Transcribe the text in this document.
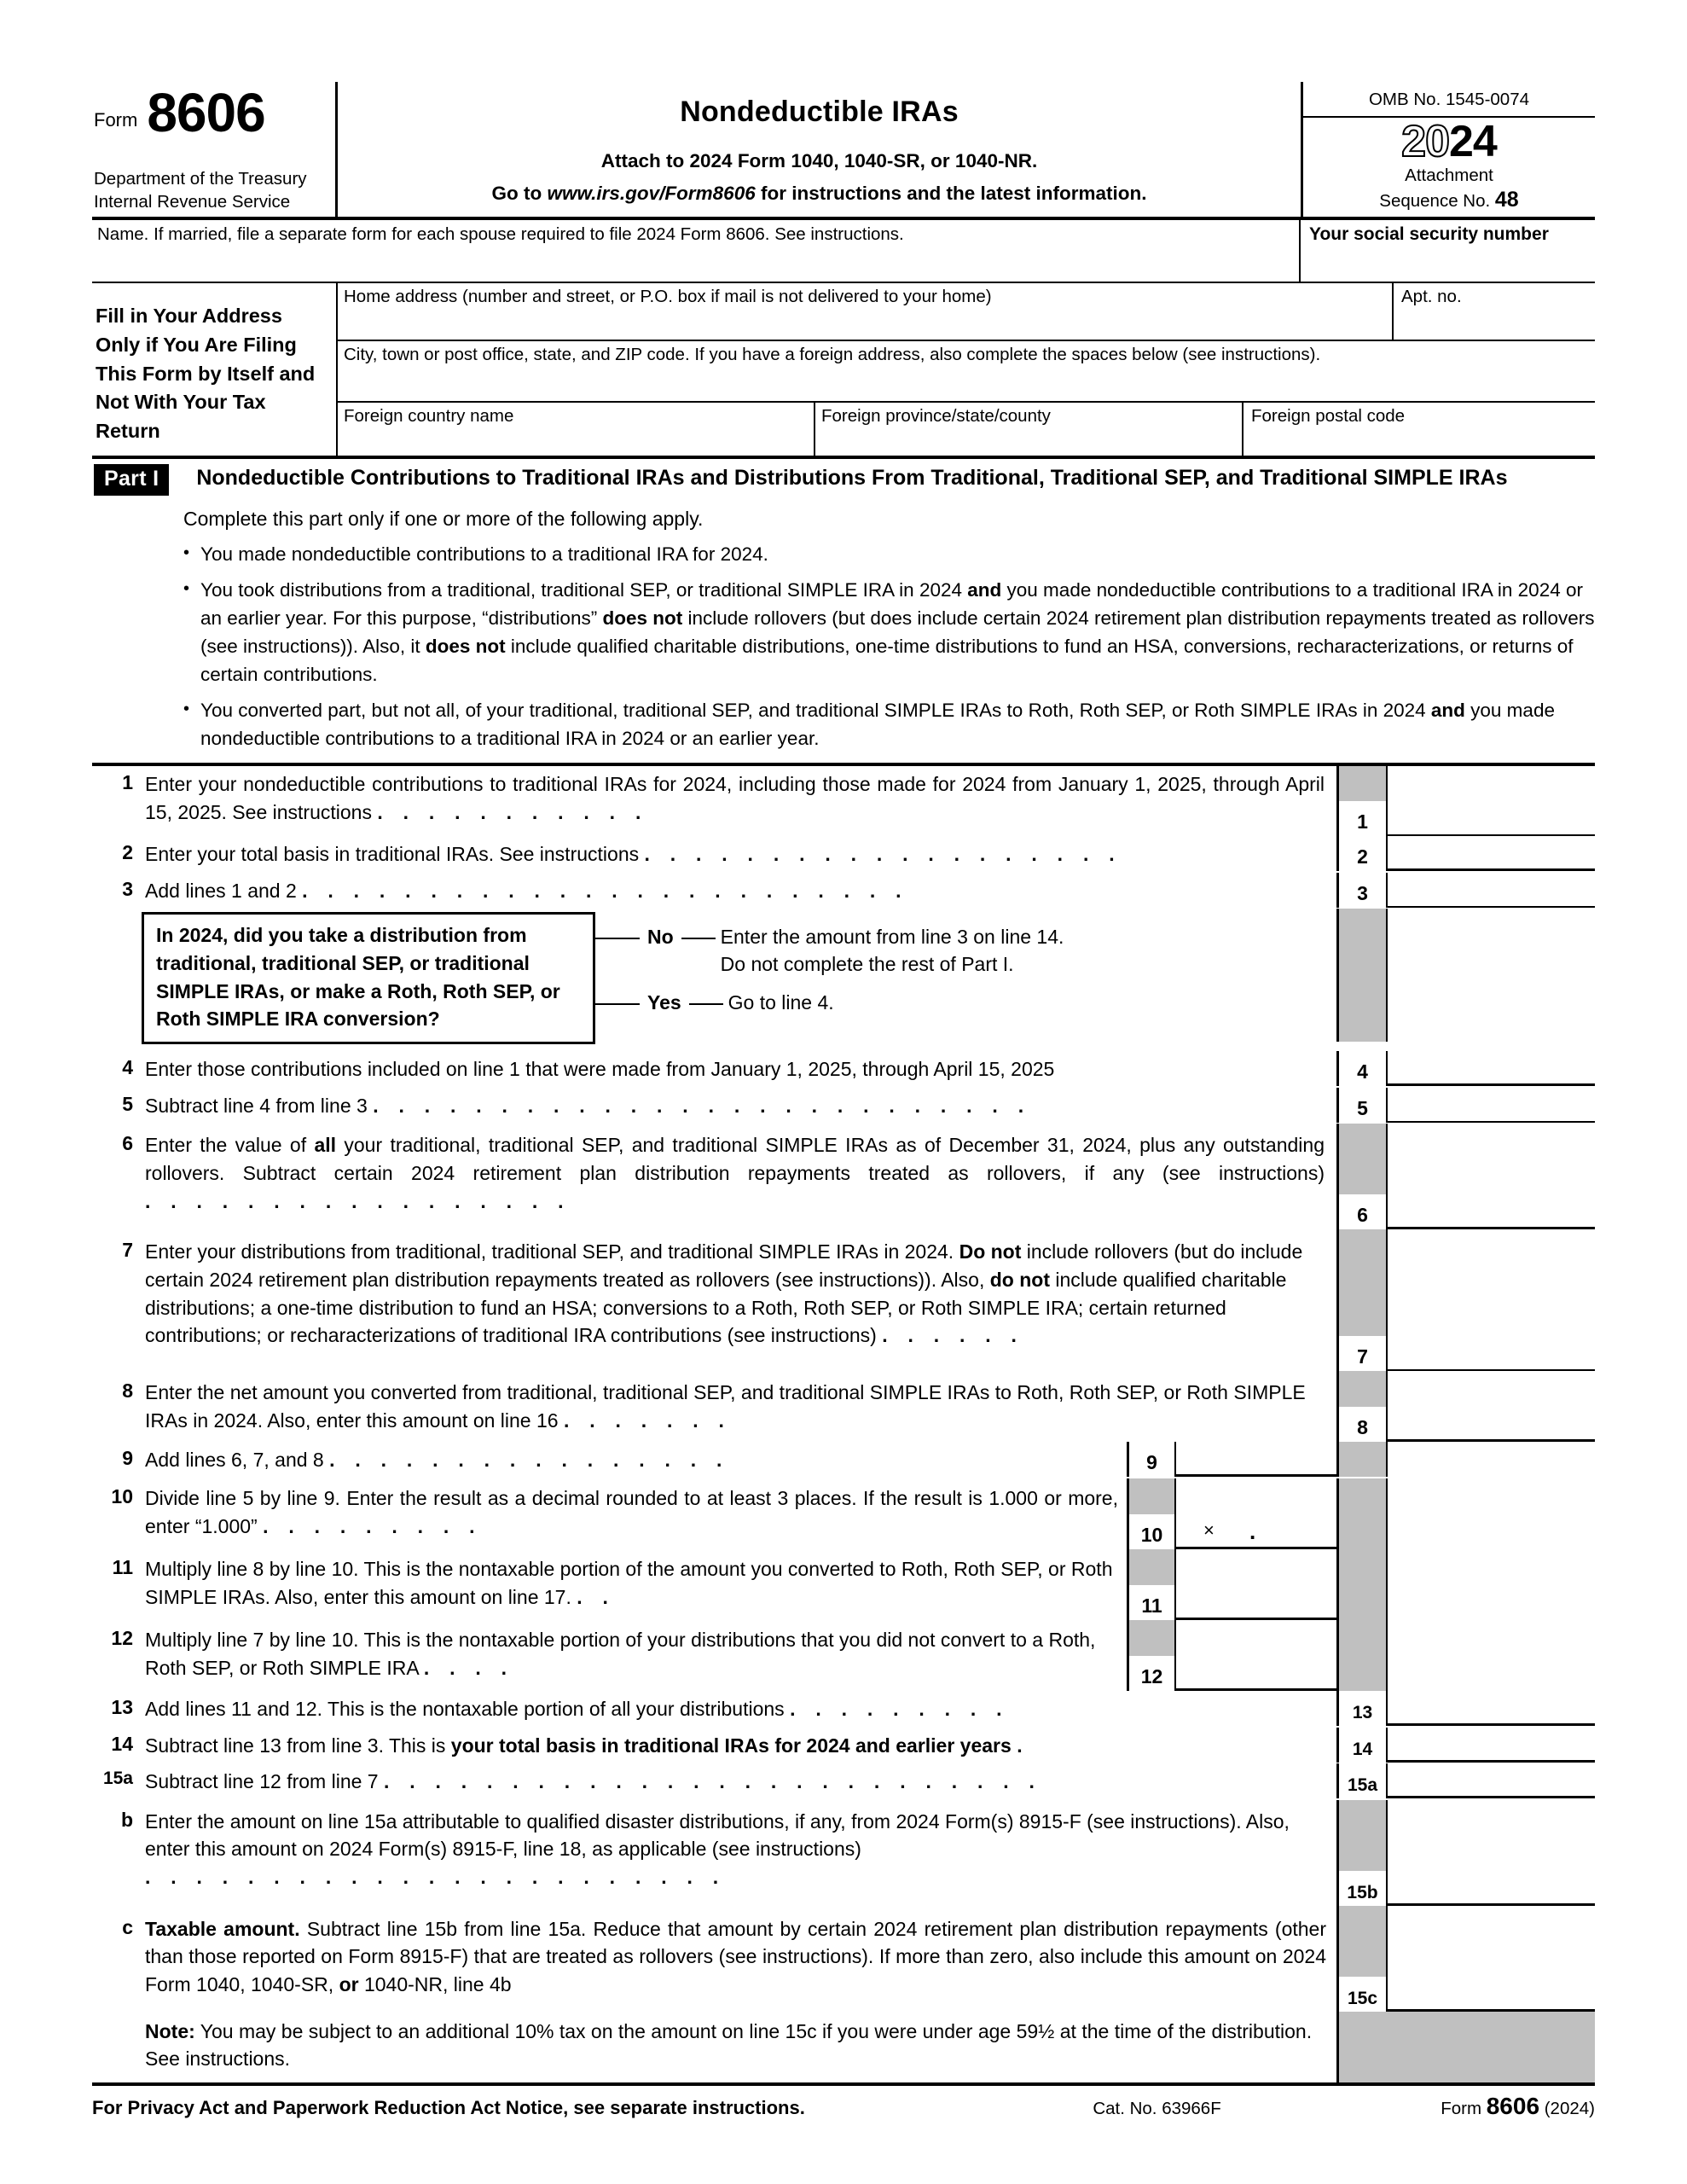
Form 8606
Department of the Treasury
Internal Revenue Service
Nondeductible IRAs
Attach to 2024 Form 1040, 1040-SR, or 1040-NR.
Go to www.irs.gov/Form8606 for instructions and the latest information.
OMB No. 1545-0074
2024
Attachment
Sequence No. 48
Name. If married, file a separate form for each spouse required to file 2024 Form 8606. See instructions.	Your social security number
Fill in Your Address Only if You Are Filing This Form by Itself and Not With Your Tax Return
Home address (number and street, or P.O. box if mail is not delivered to your home)	Apt. no.
City, town or post office, state, and ZIP code. If you have a foreign address, also complete the spaces below (see instructions).
Foreign country name	Foreign province/state/county	Foreign postal code
Part I	Nondeductible Contributions to Traditional IRAs and Distributions From Traditional, Traditional SEP, and Traditional SIMPLE IRAs
Complete this part only if one or more of the following apply.
• You made nondeductible contributions to a traditional IRA for 2024.
• You took distributions from a traditional, traditional SEP, or traditional SIMPLE IRA in 2024 and you made nondeductible contributions to a traditional IRA in 2024 or an earlier year. For this purpose, “distributions” does not include rollovers (but does include certain 2024 retirement plan distribution repayments treated as rollovers (see instructions)). Also, it does not include qualified charitable distributions, one-time distributions to fund an HSA, conversions, recharacterizations, or returns of certain contributions.
• You converted part, but not all, of your traditional, traditional SEP, and traditional SIMPLE IRAs to Roth, Roth SEP, or Roth SIMPLE IRAs in 2024 and you made nondeductible contributions to a traditional IRA in 2024 or an earlier year.
1 Enter your nondeductible contributions to traditional IRAs for 2024, including those made for 2024 from January 1, 2025, through April 15, 2025. See instructions . . . . . . . . . . .	1
2 Enter your total basis in traditional IRAs. See instructions . . . . . . . . . . . . . . . . . . .	2
3 Add lines 1 and 2 . . . . . . . . . . . . . . . . . . . . . . . .	3
In 2024, did you take a distribution from traditional, traditional SEP, or traditional SIMPLE IRAs, or make a Roth, Roth SEP, or Roth SIMPLE IRA conversion?
No	Enter the amount from line 3 on line 14.
Do not complete the rest of Part I.
Yes	Go to line 4.
4 Enter those contributions included on line 1 that were made from January 1, 2025, through April 15, 2025	4
5 Subtract line 4 from line 3 . . . . . . . . . . . . . . . . . . . . . . . . . .	5
6 Enter the value of all your traditional, traditional SEP, and traditional SIMPLE IRAs as of December 31, 2024, plus any outstanding rollovers. Subtract certain 2024 retirement plan distribution repayments treated as rollovers, if any (see instructions) . . . . . . . . . . . . . . . . .
6
7 Enter your distributions from traditional, traditional SEP, and traditional SIMPLE IRAs in 2024. Do not include rollovers (but do include certain 2024 retirement plan distribution repayments treated as rollovers (see instructions)). Also, do not include qualified charitable distributions; a one-time distribution to fund an HSA; conversions to a Roth, Roth SEP, or Roth SIMPLE IRA; certain returned contributions; or recharacterizations of traditional IRA contributions (see instructions) . . . . . .
7
8 Enter the net amount you converted from traditional, traditional SEP, and traditional SIMPLE IRAs to Roth, Roth SEP, or Roth SIMPLE IRAs in 2024. Also, enter this amount on line 16 . . . . . . .	8
9 Add lines 6, 7, and 8 . . . . . . . . . . . . . . . .	9
10 Divide line 5 by line 9. Enter the result as a decimal rounded to at least 3 places. If the result is 1.000 or more, enter “1.000” . . . . . . . . .	10	× .
11 Multiply line 8 by line 10. This is the nontaxable portion of the amount you converted to Roth, Roth SEP, or Roth SIMPLE IRAs. Also, enter this amount on line 17. . .	11
12 Multiply line 7 by line 10. This is the nontaxable portion of your distributions that you did not convert to a Roth, Roth SEP, or Roth SIMPLE IRA . . . .	12
13 Add lines 11 and 12. This is the nontaxable portion of all your distributions . . . . . . . . .	13
14 Subtract line 13 from line 3. This is your total basis in traditional IRAs for 2024 and earlier years .	14
15a Subtract line 12 from line 7 . . . . . . . . . . . . . . . . . . . . . . . . . .	15a
b Enter the amount on line 15a attributable to qualified disaster distributions, if any, from 2024 Form(s) 8915-F (see instructions). Also, enter this amount on 2024 Form(s) 8915-F, line 18, as applicable (see instructions) . . . . . . . . . . . . . . . . . . . . . . .
15b
c Taxable amount. Subtract line 15b from line 15a. Reduce that amount by certain 2024 retirement plan distribution repayments (other than those reported on Form 8915-F) that are treated as rollovers (see instructions). If more than zero, also include this amount on 2024 Form 1040, 1040-SR, or 1040-NR, line 4b
15c
Note: You may be subject to an additional 10% tax on the amount on line 15c if you were under age 59½ at the time of the distribution. See instructions.
For Privacy Act and Paperwork Reduction Act Notice, see separate instructions.	Cat. No. 63966F	Form 8606 (2024)
